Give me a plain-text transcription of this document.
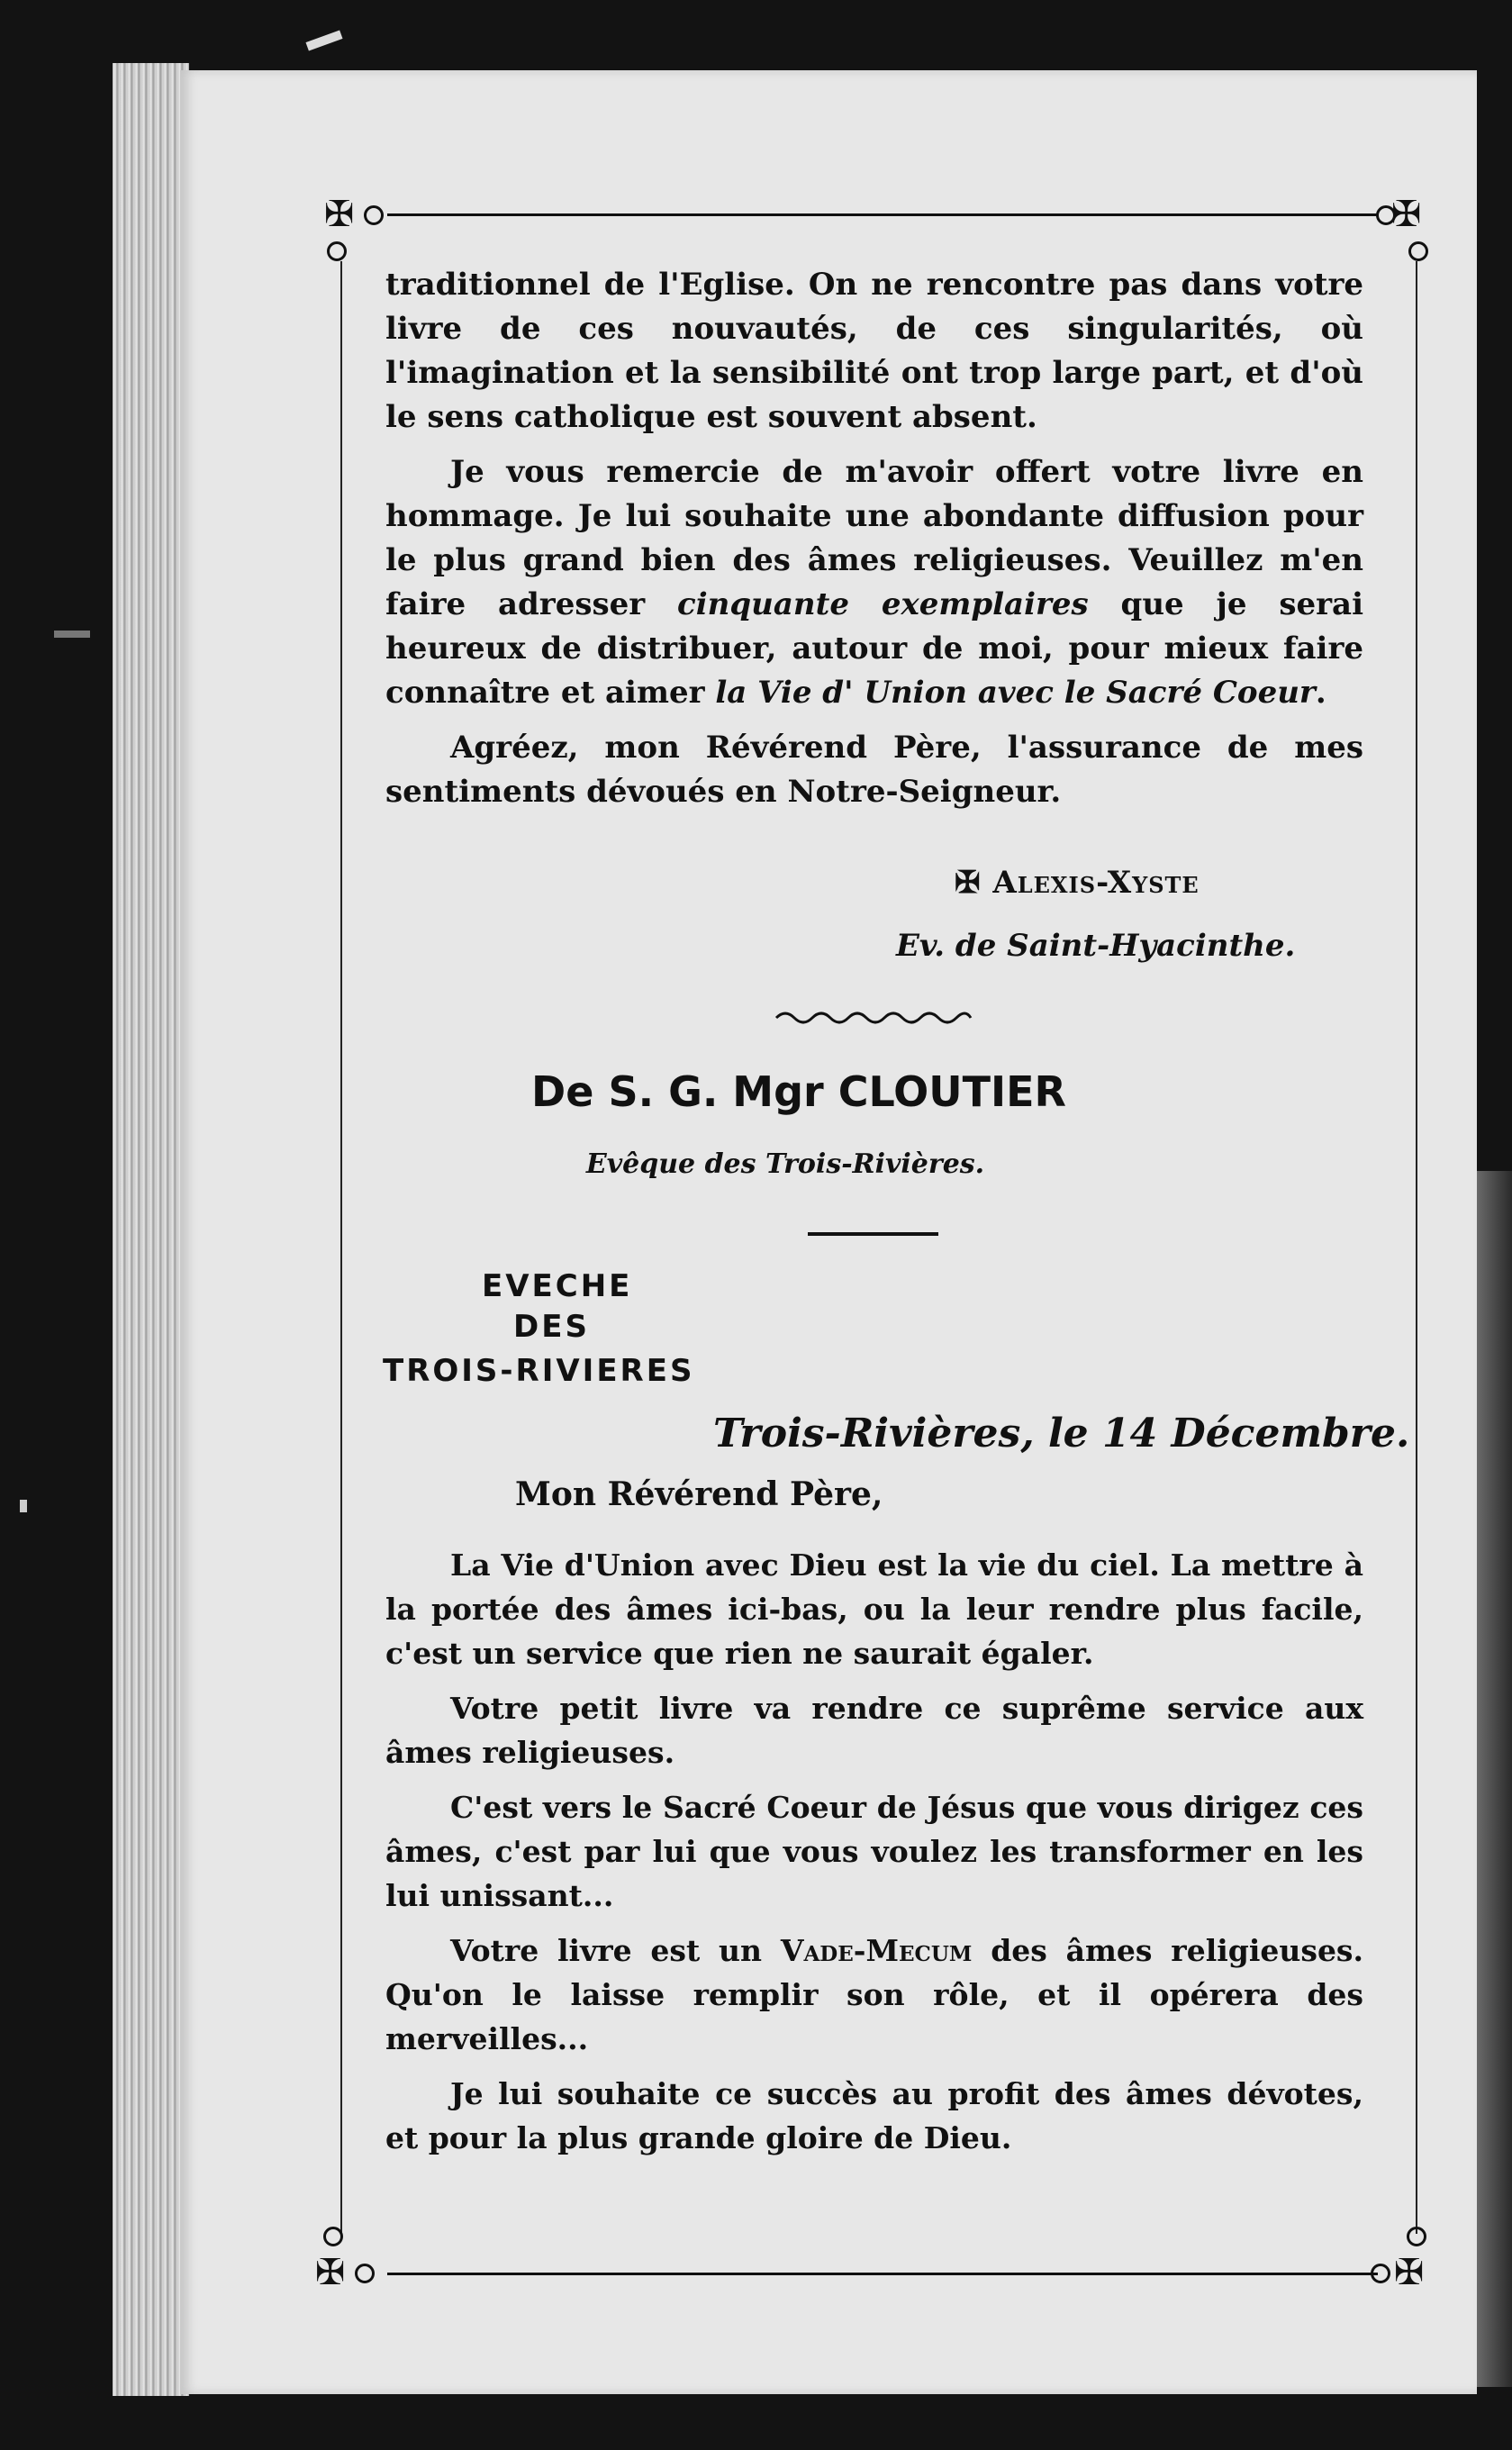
✠	✠
✠	✠

traditionnel de l'Eglise. On ne rencontre pas dans votre livre de ces nouvautés, de ces singularités, où l'imagination et la sensibilité ont trop large part, et d'où le sens catholique est souvent absent.

Je vous remercie de m'avoir offert votre livre en hommage. Je lui souhaite une abondante diffusion pour le plus grand bien des âmes religieuses. Veuillez m'en faire adresser cinquante exemplaires que je serai heureux de distribuer, autour de moi, pour mieux faire connaître et aimer la Vie d' Union avec le Sacré Coeur.

Agréez, mon Révérend Père, l'assurance de mes sentiments dévoués en Notre-Seigneur.

✠ Alexis-Xyste
Ev. de Saint-Hyacinthe.
De S. G. Mgr CLOUTIER
Evêque des Trois-Rivières.
EVECHE
DES
TROIS-RIVIERES
Trois-Rivières, le 14 Décembre.
Mon Révérend Père,

La Vie d'Union avec Dieu est la vie du ciel. La mettre à la portée des âmes ici-bas, ou la leur rendre plus facile, c'est un service que rien ne saurait égaler.

Votre petit livre va rendre ce suprême service aux âmes religieuses.

C'est vers le Sacré Coeur de Jésus que vous dirigez ces âmes, c'est par lui que vous voulez les transformer en les lui unissant...

Votre livre est un Vade-Mecum des âmes religieuses. Qu'on le laisse remplir son rôle, et il opérera des merveilles...

Je lui souhaite ce succès au profit des âmes dévotes, et pour la plus grande gloire de Dieu.
